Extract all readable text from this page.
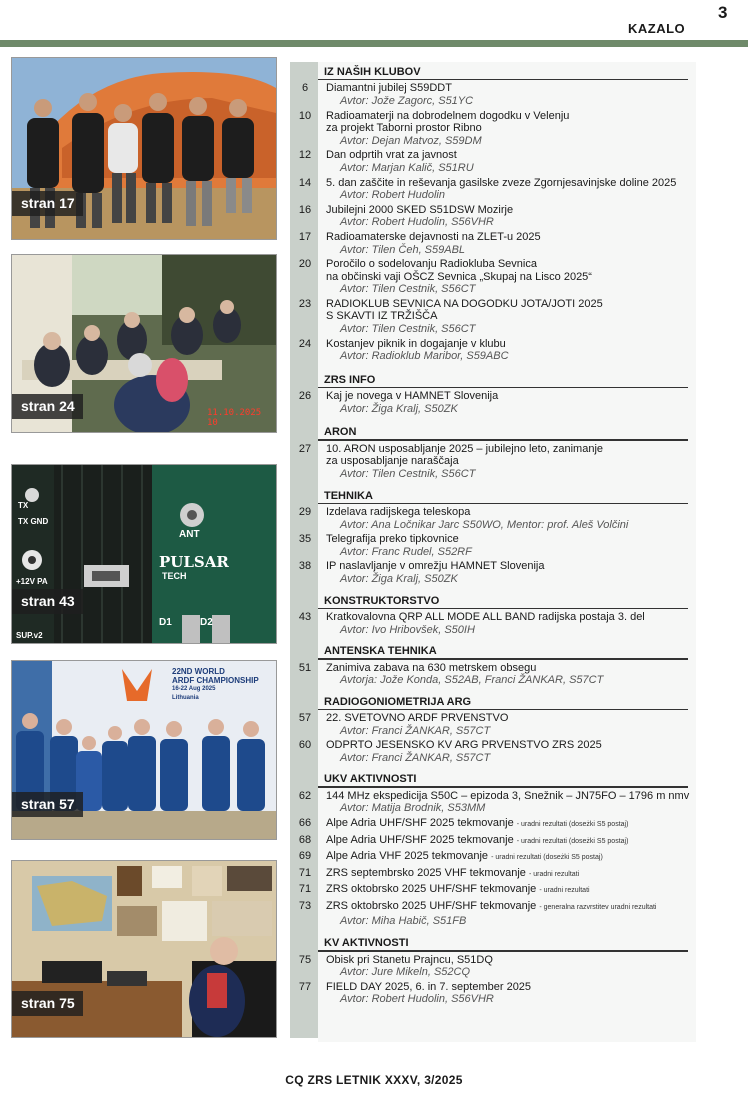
3
KAZALO
stran 17
stran 24	11.10.2025 10
TX
TX GND
+12V PA
SUP.v2
ANT
PULSAR
TECH
D1	D2
stran 43
22ND WORLD
ARDF CHAMPIONSHIP
16-22 Aug 2025
Lithuania
stran 57
stran 75
IZ NAŠIH KLUBOV
6	Diamantni jubilej S59DDT
Avtor: Jože Zagorc, S51YC
10	Radioamaterji na dobrodelnem dogodku v Velenju
za projekt Taborni prostor Ribno
Avtor: Dejan Matvoz, S59DM
12	Dan odprtih vrat za javnost
Avtor: Marjan Kalič, S51RU
14	5. dan zaščite in reševanja gasilske zveze Zgornjesavinjske doline 2025
Avtor: Robert Hudolin
16	Jubilejni 2000 SKED S51DSW Mozirje
Avtor: Robert Hudolin, S56VHR
17	Radioamaterske dejavnosti na ZLET-u 2025
Avtor: Tilen Čeh, S59ABL
20	Poročilo o sodelovanju Radiokluba Sevnica
na občinski vaji OŠCZ Sevnica „Skupaj na Lisco 2025“
Avtor: Tilen Cestnik, S56CT
23	RADIOKLUB SEVNICA NA DOGODKU JOTA/JOTI 2025
S SKAVTI IZ TRŽIŠČA
Avtor: Tilen Cestnik, S56CT
24	Kostanjev piknik in dogajanje v klubu
Avtor: Radioklub Maribor, S59ABC
ZRS INFO
26	Kaj je novega v HAMNET Slovenija
Avtor: Žiga Kralj, S50ZK
ARON
27	10. ARON usposabljanje 2025 – jubilejno leto, zanimanje
za usposabljanje naraščaja
Avtor: Tilen Cestnik, S56CT
TEHNIKA
29	Izdelava radijskega teleskopa
Avtor: Ana Ločnikar Jarc S50WO, Mentor: prof. Aleš Volčini
35	Telegrafija preko tipkovnice
Avtor: Franc Rudel, S52RF
38	IP naslavljanje v omrežju HAMNET Slovenija
Avtor: Žiga Kralj, S50ZK
KONSTRUKTORSTVO
43	Kratkovalovna QRP ALL MODE ALL BAND radijska postaja 3. del
Avtor: Ivo Hribovšek, S50IH
ANTENSKA TEHNIKA
51	Zanimiva zabava na 630 metrskem obsegu
Avtorja: Jože Konda, S52AB, Franci ŽANKAR, S57CT
RADIOGONIOMETRIJA ARG
57	22. SVETOVNO ARDF PRVENSTVO
Avtor: Franci ŽANKAR, S57CT
60	ODPRTO JESENSKO KV ARG PRVENSTVO ZRS 2025
Avtor: Franci ŽANKAR, S57CT
UKV AKTIVNOSTI
62	144 MHz ekspedicija S50C – epizoda 3, Snežnik – JN75FO – 1796 m nmv
Avtor: Matija Brodnik, S53MM
66	Alpe Adria UHF/SHF 2025 tekmovanje - uradni rezultati (doseżki S5 postaj)
68	Alpe Adria UHF/SHF 2025 tekmovanje - uradni rezultati (doseżki S5 postaj)
69	Alpe Adria VHF 2025 tekmovanje - uradni rezultati (doseżki S5 postaj)
71	ZRS septembrsko 2025 VHF tekmovanje - uradni rezultati
71	ZRS oktobrsko 2025 UHF/SHF tekmovanje - uradni rezultati
73	ZRS oktobrsko 2025 UHF/SHF tekmovanje - generalna razvrstitev uradni rezultati
Avtor: Miha Habič, S51FB
KV AKTIVNOSTI
75	Obisk pri Stanetu Prajncu, S51DQ
Avtor: Jure Mikeln, S52CQ
77	FIELD DAY 2025, 6. in 7. september 2025
Avtor: Robert Hudolin, S56VHR
CQ ZRS LETNIK XXXV, 3/2025
